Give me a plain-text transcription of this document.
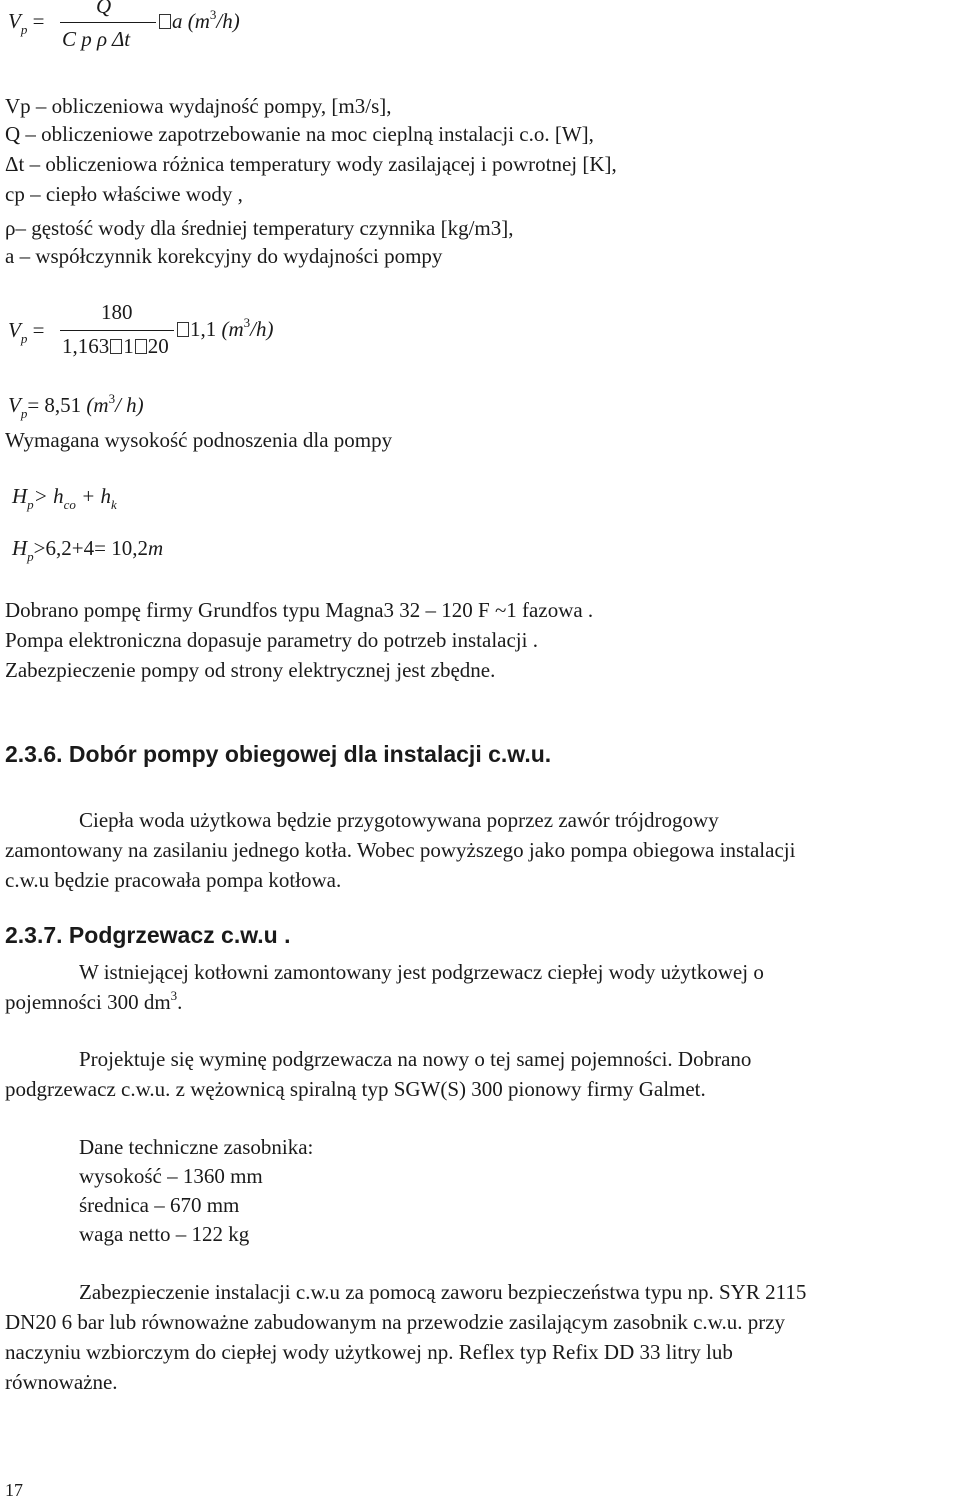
$V_p$ =
Q
C p ρ Δt
a $(m^3/h)$
Vp – obliczeniowa wydajność pompy, [m3/s],
Q – obliczeniowe zapotrzebowanie na moc cieplną instalacji c.o. [W],
Δt – obliczeniowa różnica temperatury wody zasilającej i powrotnej [K],
cp – ciepło właściwe wody ,
ρ– gęstość wody dla średniej temperatury czynnika [kg/m3],
a – współczynnik korekcyjny do wydajności pompy
$V_p$ =
180
1,163 1 20
1,1 $(m^3/h)$
$V_p= 8,51$ ($m^3/$ h)
Wymagana wysokość podnoszenia dla pompy
$H_p> h_{co} + h_k$
$H_p>6,2+4= 10,2m$
Dobrano pompę firmy Grundfos typu Magna3 32 – 120 F ~1 fazowa .
Pompa elektroniczna dopasuje parametry do potrzeb instalacji .
Zabezpieczenie pompy od strony elektrycznej jest zbędne.
2.3.6. Dobór pompy obiegowej dla instalacji c.w.u.
Ciepła woda użytkowa będzie przygotowywana poprzez zawór trójdrogowy
zamontowany na zasilaniu jednego kotła. Wobec powyższego jako pompa obiegowa instalacji
c.w.u będzie pracowała pompa kotłowa.
2.3.7. Podgrzewacz c.w.u .
W istniejącej kotłowni zamontowany jest podgrzewacz ciepłej wody użytkowej o
pojemności 300 $dm^3$.
Projektuje się wyminę podgrzewacza na nowy o tej samej pojemności. Dobrano
podgrzewacz c.w.u. z wężownicą spiralną typ SGW(S) 300 pionowy firmy Galmet.
Dane techniczne zasobnika:
wysokość – 1360 mm
średnica – 670 mm
waga netto – 122 kg
Zabezpieczenie instalacji c.w.u za pomocą zaworu bezpieczeństwa typu np. SYR 2115
DN20 6 bar lub równoważne zabudowanym na przewodzie zasilającym zasobnik c.w.u. przy
naczyniu wzbiorczym do ciepłej wody użytkowej np. Reflex typ Refix DD 33 litry lub
równoważne.
17
